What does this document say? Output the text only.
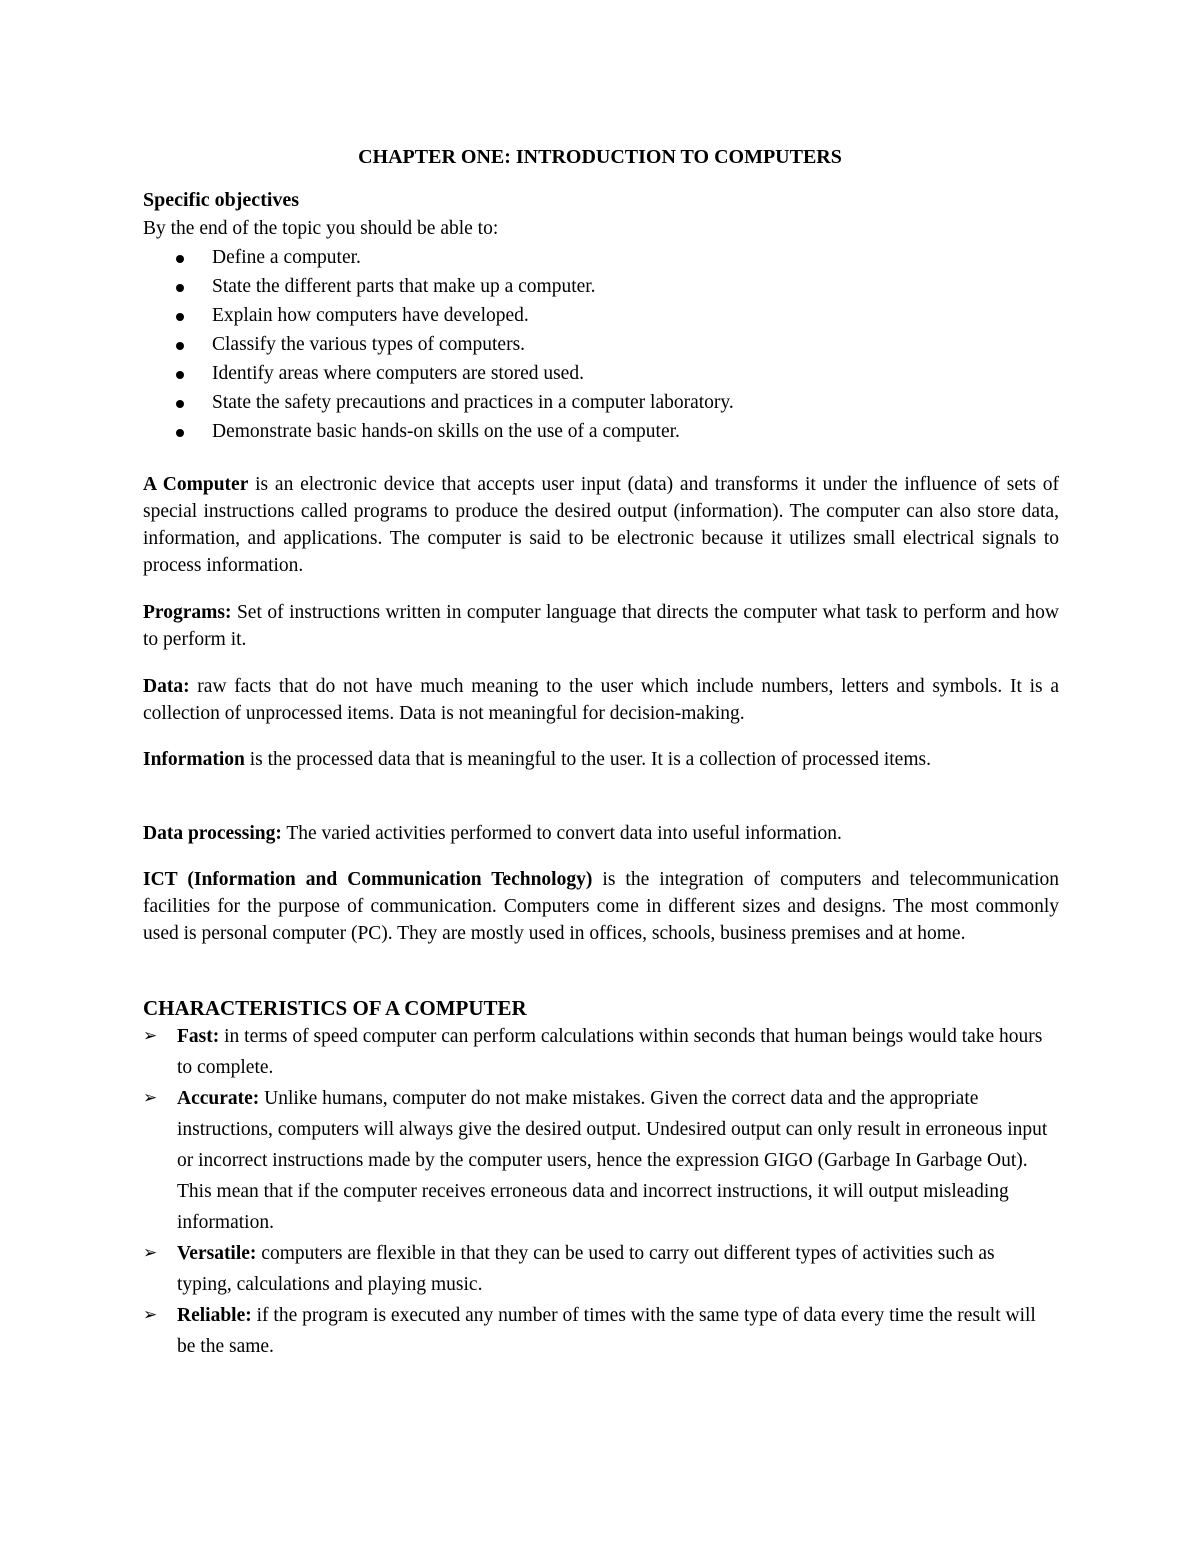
CHAPTER ONE: INTRODUCTION TO COMPUTERS
Specific objectives
By the end of the topic you should be able to:
Define a computer.
State the different parts that make up a computer.
Explain how computers have developed.
Classify the various types of computers.
Identify areas where computers are stored used.
State the safety precautions and practices in a computer laboratory.
Demonstrate basic hands-on skills on the use of a computer.

A Computer is an electronic device that accepts user input (data) and transforms it under the influence of sets of special instructions called programs to produce the desired output (information). The computer can also store data, information, and applications. The computer is said to be electronic because it utilizes small electrical signals to process information.

Programs: Set of instructions written in computer language that directs the computer what task to perform and how to perform it.

Data: raw facts that do not have much meaning to the user which include numbers, letters and symbols. It is a collection of unprocessed items. Data is not meaningful for decision-making.

Information is the processed data that is meaningful to the user. It is a collection of processed items.

Data processing: The varied activities performed to convert data into useful information.

ICT (Information and Communication Technology) is the integration of computers and telecommunication facilities for the purpose of communication. Computers come in different sizes and designs. The most commonly used is personal computer (PC). They are mostly used in offices, schools, business premises and at home.

CHARACTERISTICS OF A COMPUTER
➢ Fast: in terms of speed computer can perform calculations within seconds that human beings would take hours to complete.
➢ Accurate: Unlike humans, computer do not make mistakes. Given the correct data and the appropriate instructions, computers will always give the desired output. Undesired output can only result in erroneous input or incorrect instructions made by the computer users, hence the expression GIGO (Garbage In Garbage Out). This mean that if the computer receives erroneous data and incorrect instructions, it will output misleading information.
➢ Versatile: computers are flexible in that they can be used to carry out different types of activities such as typing, calculations and playing music.
➢ Reliable: if the program is executed any number of times with the same type of data every time the result will be the same.
